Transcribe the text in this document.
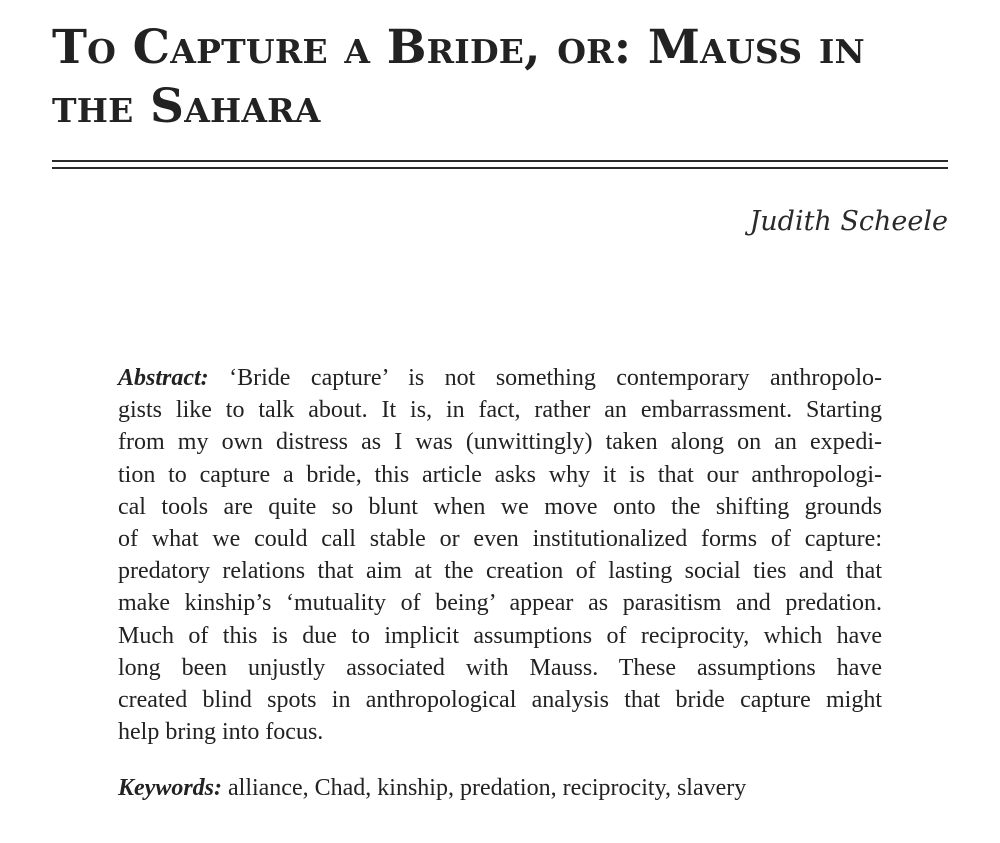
To Capture a Bride, or: Mauss in
the Sahara
Judith Scheele
Abstract: ‘Bride capture’ is not something contemporary anthropolo-
gists like to talk about. It is, in fact, rather an embarrassment. Starting
from my own distress as I was (unwittingly) taken along on an expedi-
tion to capture a bride, this article asks why it is that our anthropologi-
cal tools are quite so blunt when we move onto the shifting grounds
of what we could call stable or even institutionalized forms of capture:
predatory relations that aim at the creation of lasting social ties and that
make kinship’s ‘mutuality of being’ appear as parasitism and predation.
Much of this is due to implicit assumptions of reciprocity, which have
long been unjustly associated with Mauss. These assumptions have
created blind spots in anthropological analysis that bride capture might
help bring into focus.
Keywords: alliance, Chad, kinship, predation, reciprocity, slavery
